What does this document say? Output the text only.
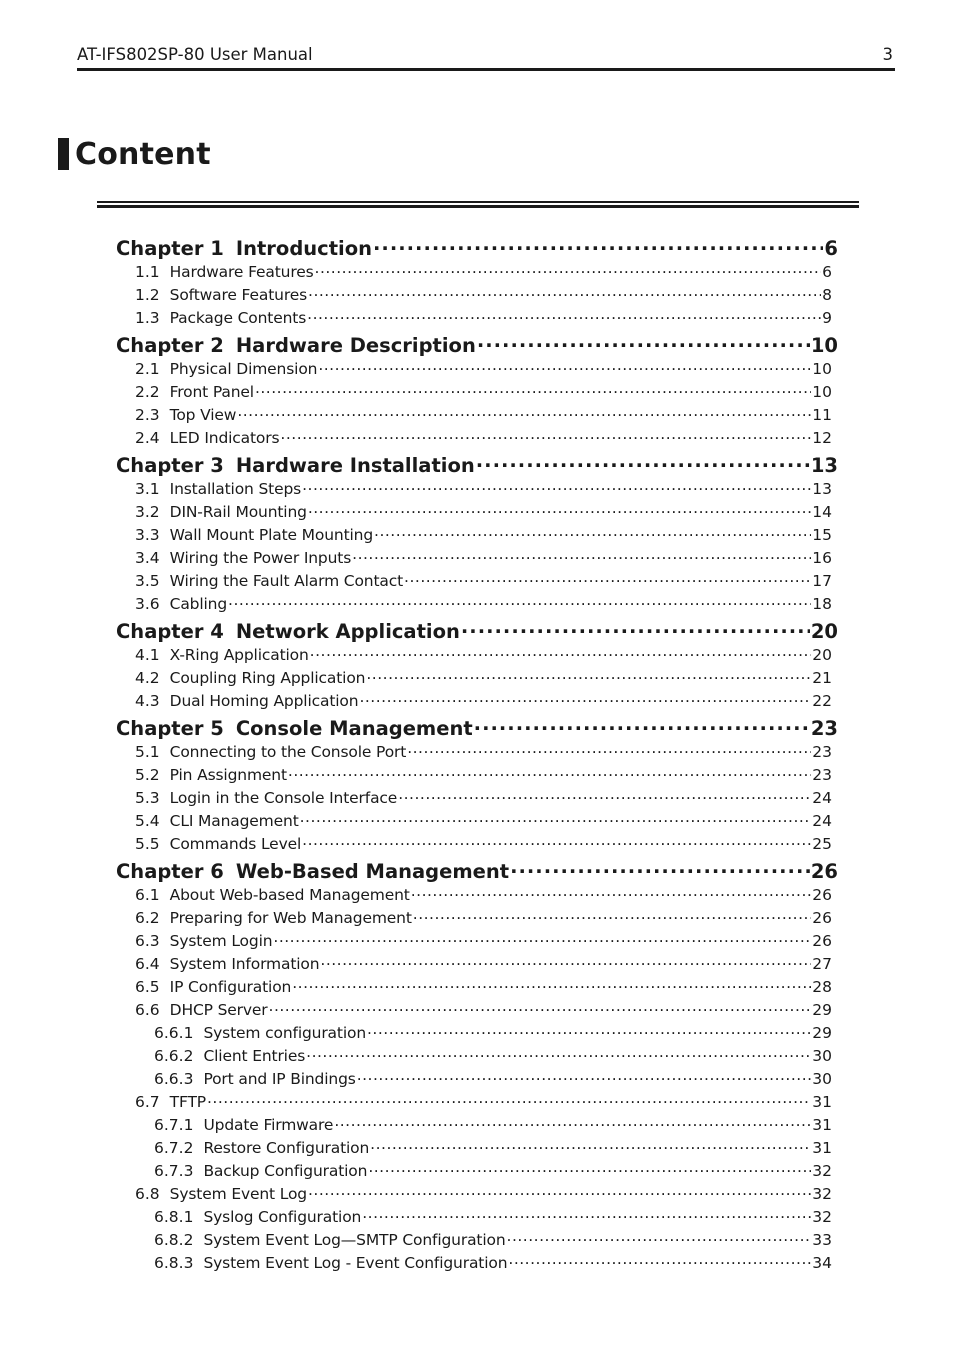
AT-IFS802SP-80 User Manual	3
Content
Chapter 1 Introduction .....	6
1.1 Hardware Features .....	6
1.2 Software Features .....	8
1.3 Package Contents .....	9
Chapter 2 Hardware Description .....	10
2.1 Physical Dimension .....	10
2.2 Front Panel .....	10
2.3 Top View .....	11
2.4 LED Indicators .....	12
Chapter 3 Hardware Installation .....	13
3.1 Installation Steps .....	13
3.2 DIN-Rail Mounting .....	14
3.3 Wall Mount Plate Mounting .....	15
3.4 Wiring the Power Inputs .....	16
3.5 Wiring the Fault Alarm Contact .....	17
3.6 Cabling .....	18
Chapter 4 Network Application .....	20
4.1 X-Ring Application .....	20
4.2 Coupling Ring Application .....	21
4.3 Dual Homing Application .....	22
Chapter 5 Console Management .....	23
5.1 Connecting to the Console Port .....	23
5.2 Pin Assignment .....	23
5.3 Login in the Console Interface .....	24
5.4 CLI Management .....	24
5.5 Commands Level .....	25
Chapter 6 Web-Based Management .....	26
6.1 About Web-based Management .....	26
6.2 Preparing for Web Management .....	26
6.3 System Login .....	26
6.4 System Information .....	27
6.5 IP Configuration .....	28
6.6 DHCP Server .....	29
6.6.1 System configuration .....	29
6.6.2 Client Entries .....	30
6.6.3 Port and IP Bindings .....	30
6.7 TFTP .....	31
6.7.1 Update Firmware .....	31
6.7.2 Restore Configuration .....	31
6.7.3 Backup Configuration .....	32
6.8 System Event Log .....	32
6.8.1 Syslog Configuration .....	32
6.8.2 System Event Log—SMTP Configuration .....	33
6.8.3 System Event Log - Event Configuration .....	34
